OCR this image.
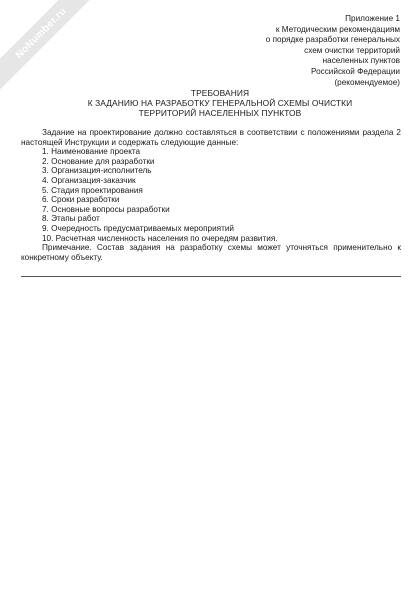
NoNumber.ru	Приложение 1
к Методическим рекомендациям
о порядке разработки генеральных
схем очистки территорий
населенных пунктов
Российской Федерации
(рекомендуемое)
ТРЕБОВАНИЯ
К ЗАДАНИЮ НА РАЗРАБОТКУ ГЕНЕРАЛЬНОЙ СХЕМЫ ОЧИСТКИ
ТЕРРИТОРИЙ НАСЕЛЕННЫХ ПУНКТОВ

Задание на проектирование должно составляться в соответствии с положениями раздела 2 настоящей Инструкции и содержать следующие данные:

1. Наименование проекта
2. Основание для разработки
3. Организация-исполнитель
4. Организация-заказчик
5. Стадия проектирования
6. Сроки разработки
7. Основные вопросы разработки
8. Этапы работ
9. Очередность предусматриваемых мероприятий
10. Расчетная численность населения по очередям развития.

Примечание. Состав задания на разработку схемы может уточняться применительно к конкретному объекту.
